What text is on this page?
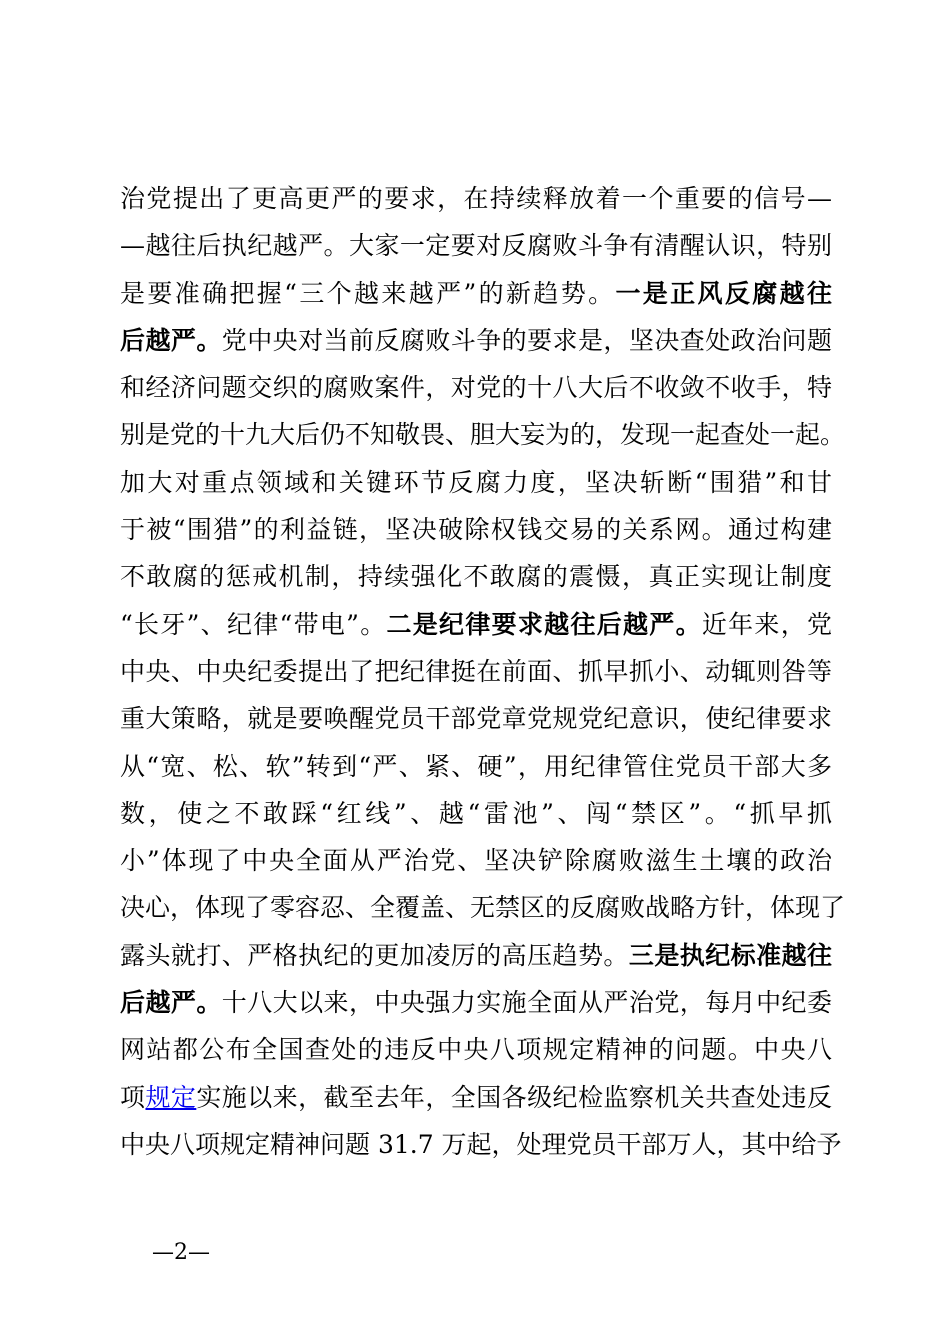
治党提出了更高更严的要求，在持续释放着一个重要的信号—
—越往后执纪越严。大家一定要对反腐败斗争有清醒认识，特别
是要准确把握“三个越来越严”的新趋势。一是正风反腐越往
后越严。党中央对当前反腐败斗争的要求是，坚决查处政治问题
和经济问题交织的腐败案件，对党的十八大后不收敛不收手，特
别是党的十九大后仍不知敬畏、胆大妄为的，发现一起查处一起。
加大对重点领域和关键环节反腐力度，坚决斩断“围猎”和甘
于被“围猎”的利益链，坚决破除权钱交易的关系网。通过构建
不敢腐的惩戒机制，持续强化不敢腐的震慑，真正实现让制度
“长牙”、纪律“带电”。二是纪律要求越往后越严。近年来，党
中央、中央纪委提出了把纪律挺在前面、抓早抓小、动辄则咎等
重大策略，就是要唤醒党员干部党章党规党纪意识，使纪律要求
从“宽、松、软”转到“严、紧、硬”，用纪律管住党员干部大多
数，使之不敢踩“红线”、越“雷池”、闯“禁区”。“抓早抓
小”体现了中央全面从严治党、坚决铲除腐败滋生土壤的政治
决心，体现了零容忍、全覆盖、无禁区的反腐败战略方针，体现了
露头就打、严格执纪的更加凌厉的高压趋势。三是执纪标准越往
后越严。十八大以来，中央强力实施全面从严治党，每月中纪委
网站都公布全国查处的违反中央八项规定精神的问题。中央八
项规定实施以来，截至去年，全国各级纪检监察机关共查处违反
中央八项规定精神问题 31.7 万起，处理党员干部万人，其中给予
—2—
